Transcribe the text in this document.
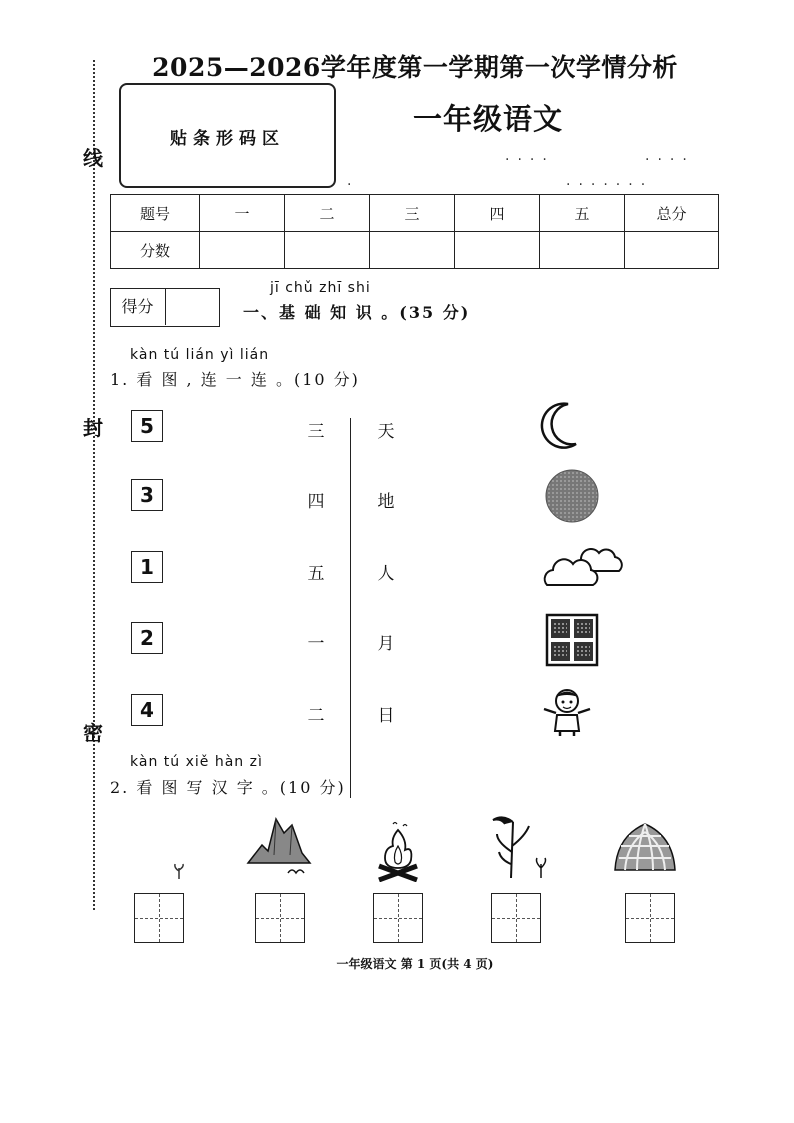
线
封
密
2025—2026学年度第一学期第一次学情分析
贴条形码区
一年级语文
....	....
.......
.
题号	一	二	三	四	五	总分
分数						
得分
jī chǔ zhī shi
一、基 础 知 识 。(35 分)
kàn tú lián yì lián
1. 看 图 , 连 一 连 。(10 分)
5
3
1
2
4
三
四
五
一
二
天
地
人
月
日
kàn tú xiě hàn zì
2. 看 图 写 汉 字 。(10 分)
一年级语文 第 1 页(共 4 页)
